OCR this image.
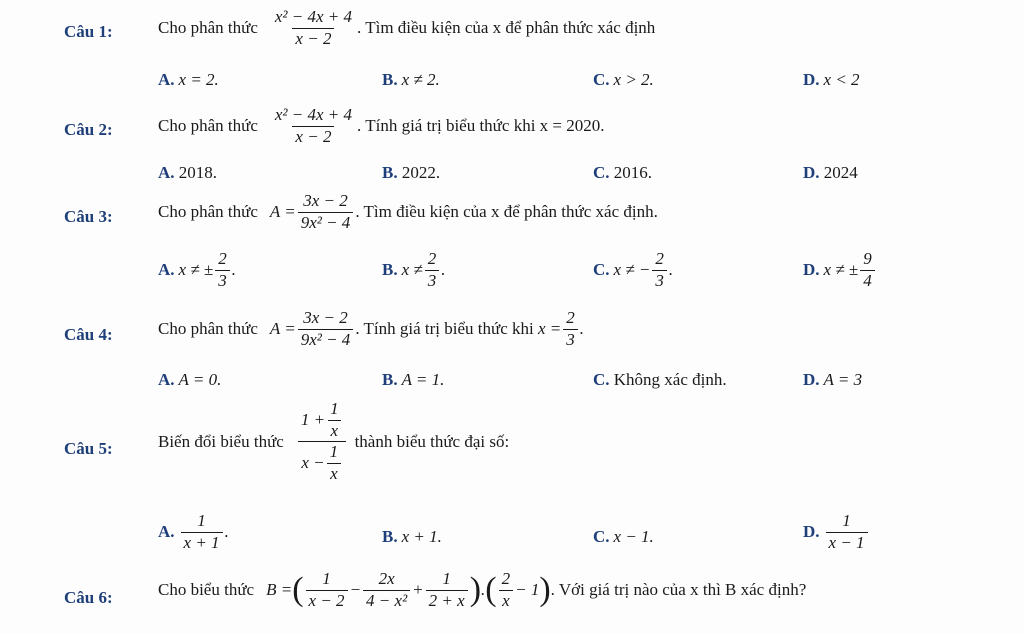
Câu 1:	Cho phân thức $\frac{\text{x² − 4x + 4}}{x - 2}$ . Tìm điều kiện của x để phân thức xác định
A. x = 2.	B. x ≠ 2.	C. x > 2.	D. x < 2
Câu 2:	Cho phân thức $\frac{\text{x² − 4x + 4}}{x - 2}$ . Tính giá trị biểu thức khi x = 2020.
A. 2018.	B. 2022.	C. 2016.	D. 2024
Câu 3:	Cho phân thức $A = \frac{3x - 2}{\text{9x² − 4}}$ . Tìm điều kiện của x để phân thức xác định.
A.
x ≠ ± $\frac{2}{3}$ .	B.
$x \ne \frac{2}{3}$ .	C.
x ≠ − $\frac{2}{3}$ .	D.
x ≠ ± $\frac{9}{4}$
Câu 4:	Cho phân thức $A = \frac{3x - 2}{\text{9x² − 4}}$ . Tính giá trị biểu thức khi
$x = \frac{2}{3}$ .
A. A = 0.	B. A = 1.	C. Không xác định.	D. A = 3
Câu 5:	Biến đổi biểu thức $\frac{1 + \frac{1}{x}}{x - \frac{1}{x}}$ thành biểu thức đại số:
A.
$\frac{1}{x + 1}$ .	B. x + 1.	C. x − 1.	D.
$\frac{1}{x - 1}$
Câu 6:	Cho biểu thức B = ( $\frac{1}{x - 2} - \frac{2x}{\text{4 − x²}} + \frac{1}{2 + x}$ ) . ( $\frac{2}{x} - 1$ ) . Với giá trị nào của x thì B xác định?
